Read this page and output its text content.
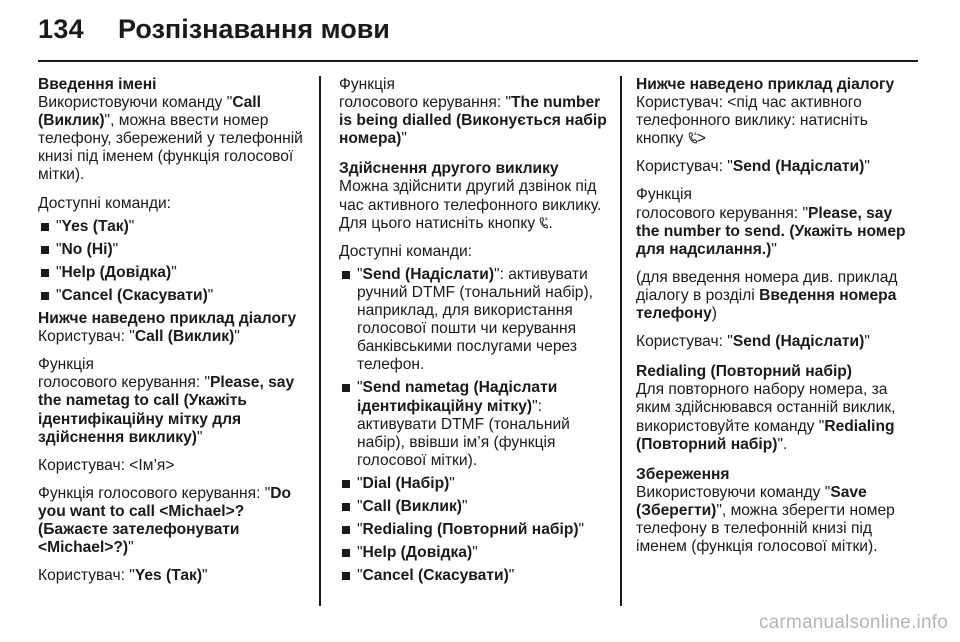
134 Розпізнавання мови
Введення імені

Використовуючи команду "Call (Виклик)", можна ввести номер телефону, збережений у телефонній книзі під іменем (функція голосової мітки).

Доступні команди:

"Yes (Так)"
"No (Ні)"
"Help (Довідка)"
"Cancel (Скасувати)"
Нижче наведено приклад діалогу

Користувач: "Call (Виклик)"

Функція
голосового керування: "Please, say the nametag to call (Укажіть ідентифікаційну мітку для здійснення виклику)"

Користувач: <Ім’я>

Функція голосового керування: "Do you want to call <Michael>? (Бажаєте зателефонувати <Michael>?)"

Користувач: "Yes (Так)"

Функція
голосового керування: "The number is being dialled (Виконується набір номера)"

Здійснення другого виклику

Можна здійснити другий дзвінок під час активного телефонного виклику. Для цього натисніть кнопку .

Доступні команди:

"Send (Надіслати)": активувати ручний DTMF (тональний набір), наприклад, для використання голосової пошти чи керування банківськими послугами через телефон.
"Send nametag (Надіслати ідентифікаційну мітку)": активувати DTMF (тональний набір), ввівши ім’я (функція голосової мітки).
"Dial (Набір)"
"Call (Виклик)"
"Redialing (Повторний набір)"
"Help (Довідка)"
"Cancel (Скасувати)"
Нижче наведено приклад діалогу

Користувач: <під час активного телефонного виклику: натисніть кнопку >

Користувач: "Send (Надіслати)"

Функція
голосового керування: "Please, say the number to send. (Укажіть номер для надсилання.)"

(для введення номера див. приклад діалогу в розділі Введення номера телефону)

Користувач: "Send (Надіслати)"

Redialing (Повторний набір)

Для повторного набору номера, за яким здійснювався останній виклик, використовуйте команду "Redialing (Повторний набір)".

Збереження

Використовуючи команду "Save (Зберегти)", можна зберегти номер телефону в телефонній книзі під іменем (функція голосової мітки).

carmanualsonline.info
